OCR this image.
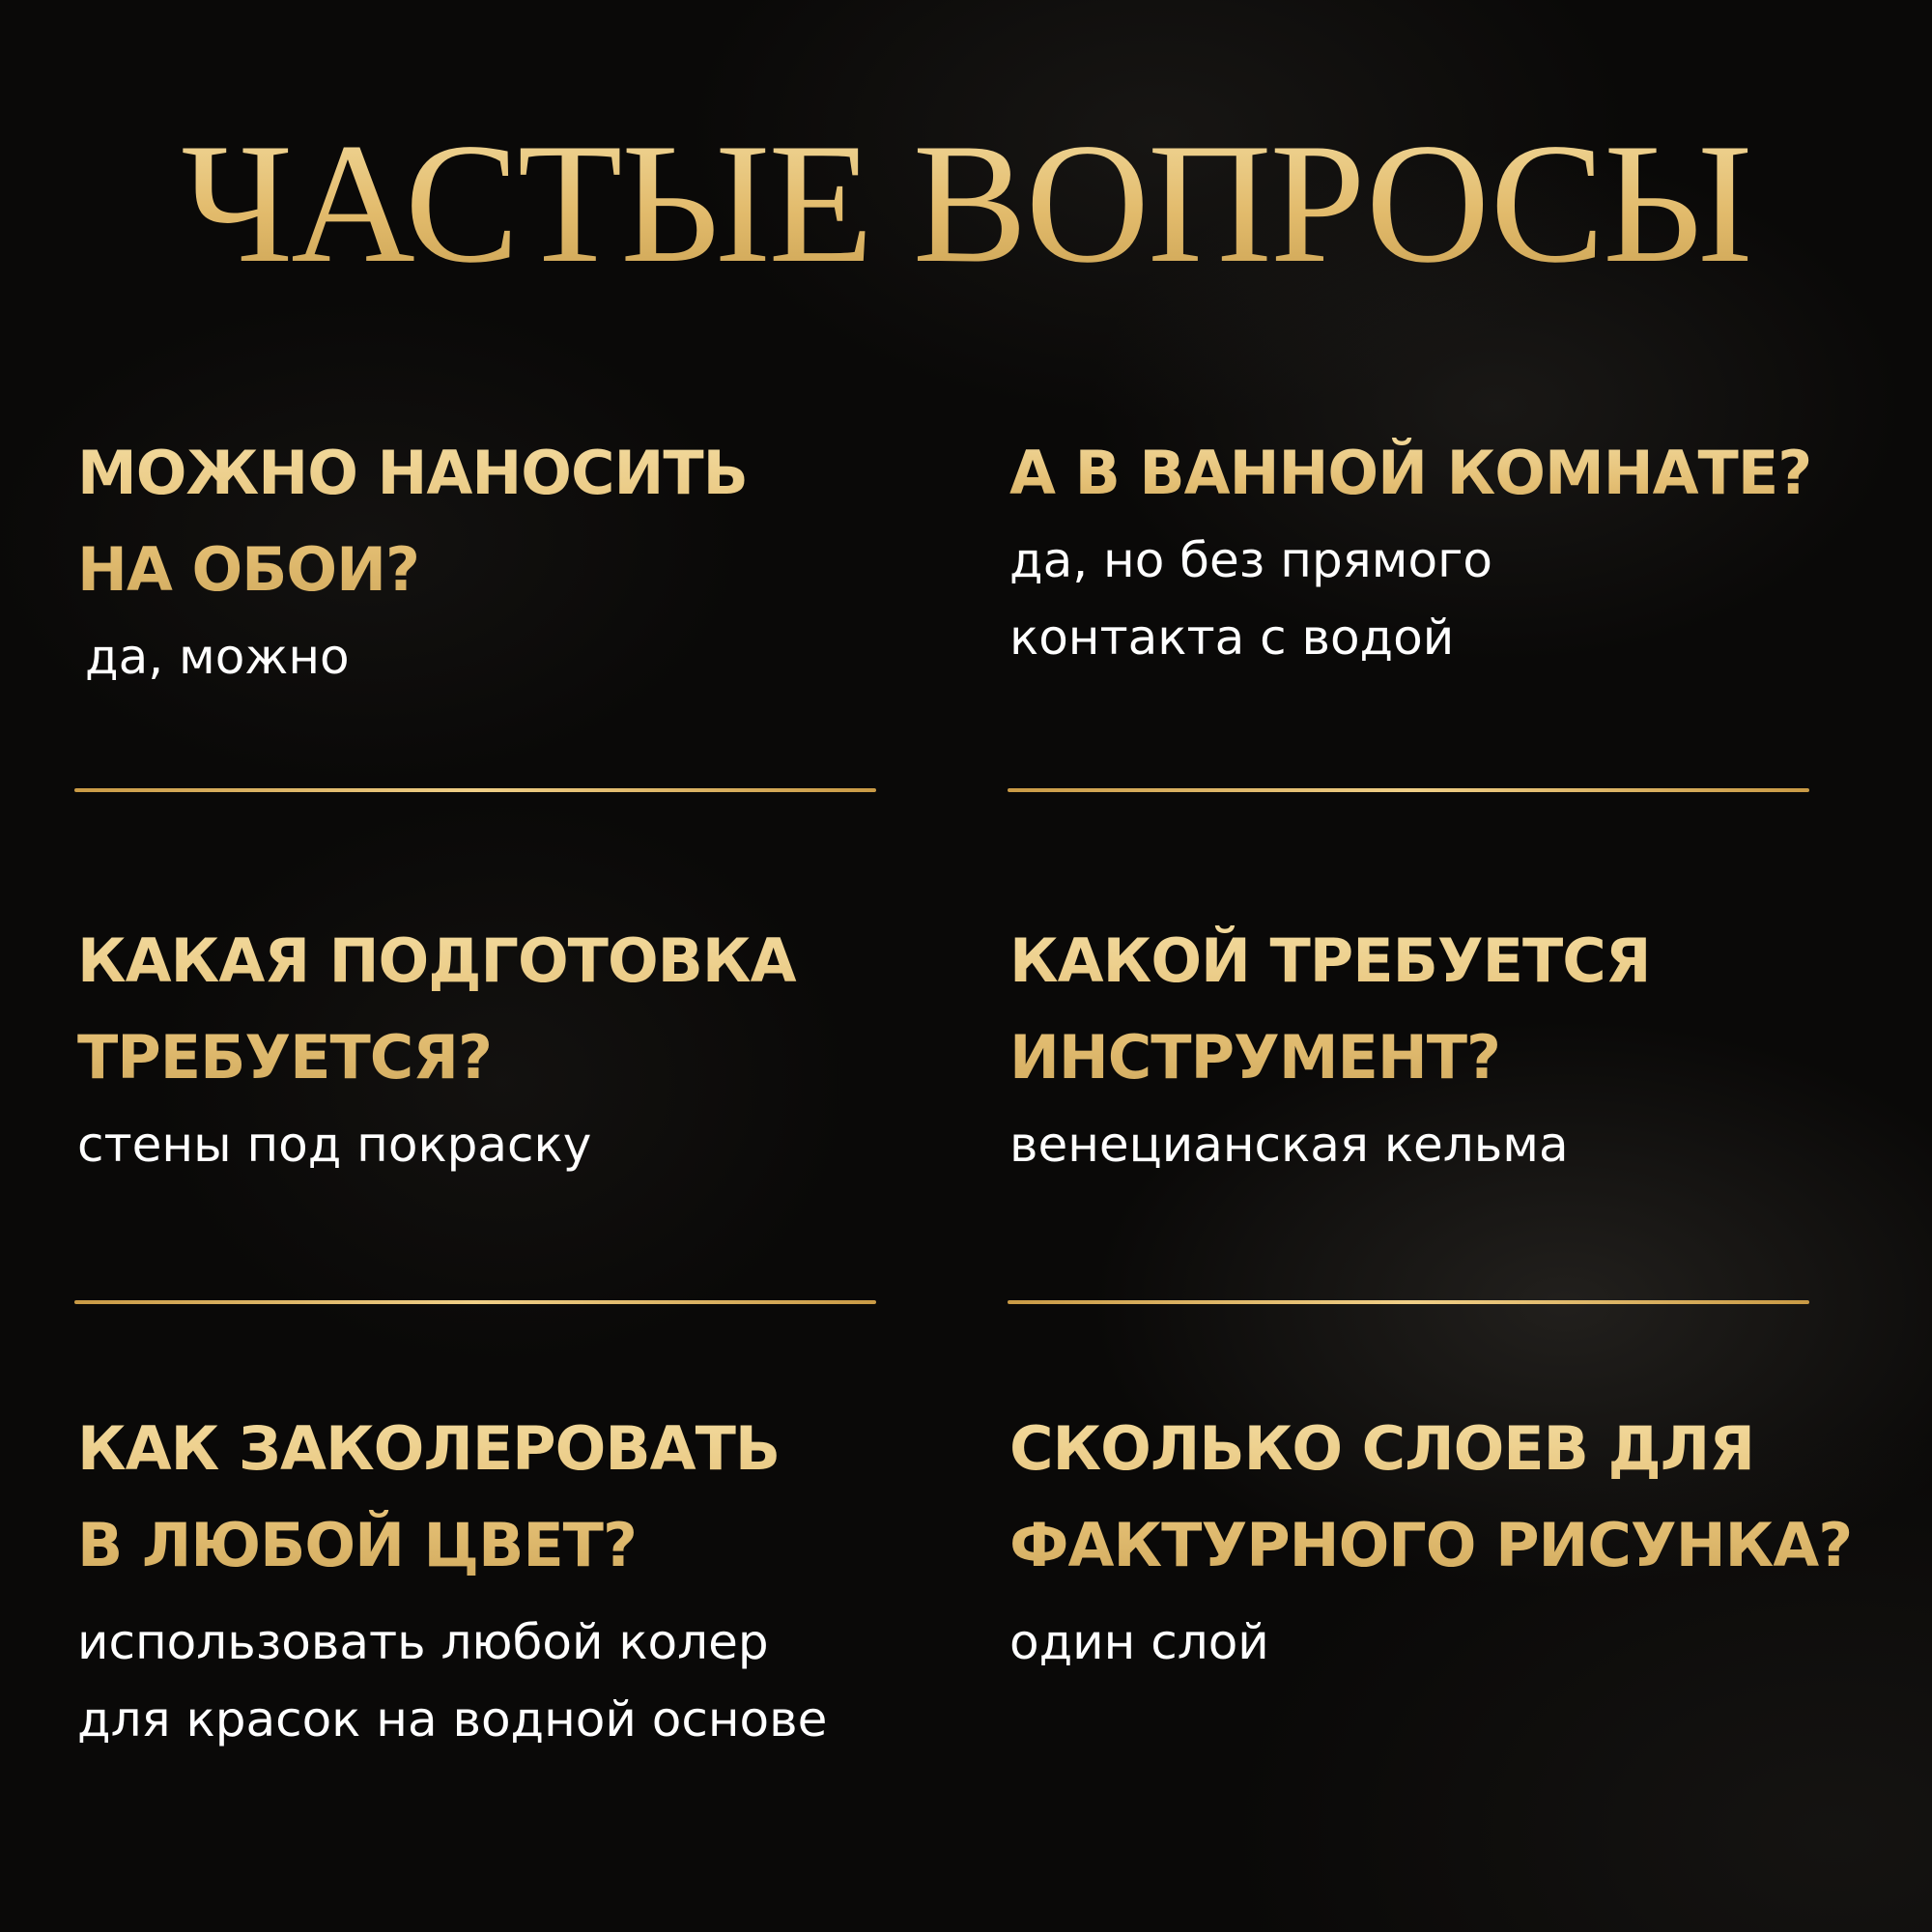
ЧАСТЫЕ ВОПРОСЫ
МОЖНО НАНОСИТЬ
НА ОБОИ?
да, можно
А В ВАННОЙ КОМНАТЕ?
да, но без прямого
контакта с водой
КАКАЯ ПОДГОТОВКА
ТРЕБУЕТСЯ?
стены под покраску
КАКОЙ ТРЕБУЕТСЯ
ИНСТРУМЕНТ?
венецианская кельма
КАК ЗАКОЛЕРОВАТЬ
В ЛЮБОЙ ЦВЕТ?
использовать любой колер
для красок на водной основе
СКОЛЬКО СЛОЕВ ДЛЯ
ФАКТУРНОГО РИСУНКА?
один слой
